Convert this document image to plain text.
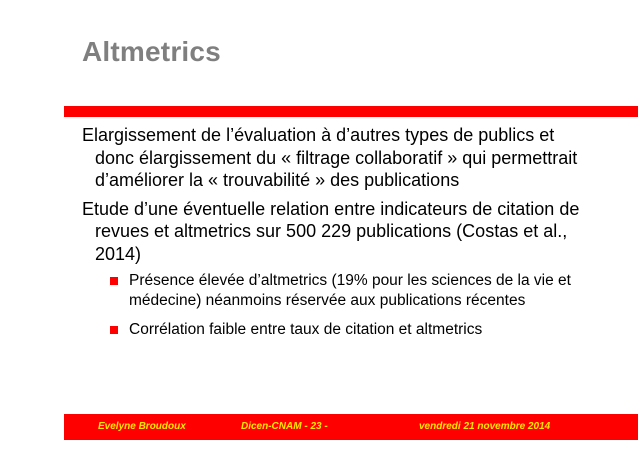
Altmetrics

Elargissement de l’évaluation à d’autres types de publics et donc élargissement du « filtrage collaboratif » qui permettrait d’améliorer la « trouvabilité » des publications

Etude d’une éventuelle relation entre indicateurs de citation de revues et altmetrics sur 500 229 publications (Costas et al., 2014)

Présence élevée d’altmetrics (19% pour les sciences de la vie et médecine) néanmoins réservée aux publications récentes
Corrélation faible entre taux de citation et altmetrics
Evelyne Broudoux	Dicen-CNAM - 23 -	vendredi 21 novembre 2014
